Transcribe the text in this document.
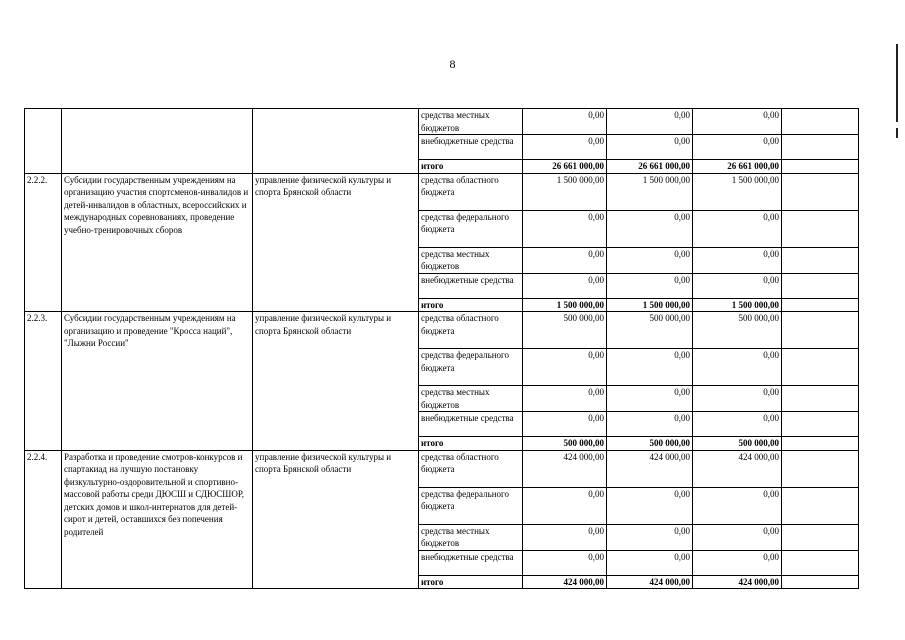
8
			средства местных бюджетов	0,00	0,00	0,00	
			внебюджетные средства	0,00	0,00	0,00	
			итого	26 661 000,00	26 661 000,00	26 661 000,00	
2.2.2.	Субсидии государственным учреждениям на организацию участия спортсменов-инвалидов и детей-инвалидов в областных, всероссийских и международных соревнованиях, проведение учебно-тренировочных сборов	управление физической культуры и спорта Брянской области	средства областного бюджета	1 500 000,00	1 500 000,00	1 500 000,00	
			средства федерального бюджета	0,00	0,00	0,00	
			средства местных бюджетов	0,00	0,00	0,00	
			внебюджетные средства	0,00	0,00	0,00	
			итого	1 500 000,00	1 500 000,00	1 500 000,00	
2.2.3.	Субсидии государственным учреждениям на организацию и проведение "Кросса наций", "Лыжни России"	управление физической культуры и спорта Брянской области	средства областного бюджета	500 000,00	500 000,00	500 000,00	
			средства федерального бюджета	0,00	0,00	0,00	
			средства местных бюджетов	0,00	0,00	0,00	
			внебюджетные средства	0,00	0,00	0,00	
			итого	500 000,00	500 000,00	500 000,00	
2.2.4.	Разработка и проведение смотров-конкурсов и спартакиад на лучшую постановку физкультурно-оздоровительной и спортивно-массовой работы среди ДЮСШ и СДЮСШОР, детских домов и школ-интернатов для детей-сирот и детей, оставшихся без попечения родителей	управление физической культуры и спорта Брянской области	средства областного бюджета	424 000,00	424 000,00	424 000,00	
			средства федерального бюджета	0,00	0,00	0,00	
			средства местных бюджетов	0,00	0,00	0,00	
			внебюджетные средства	0,00	0,00	0,00	
			итого	424 000,00	424 000,00	424 000,00	
